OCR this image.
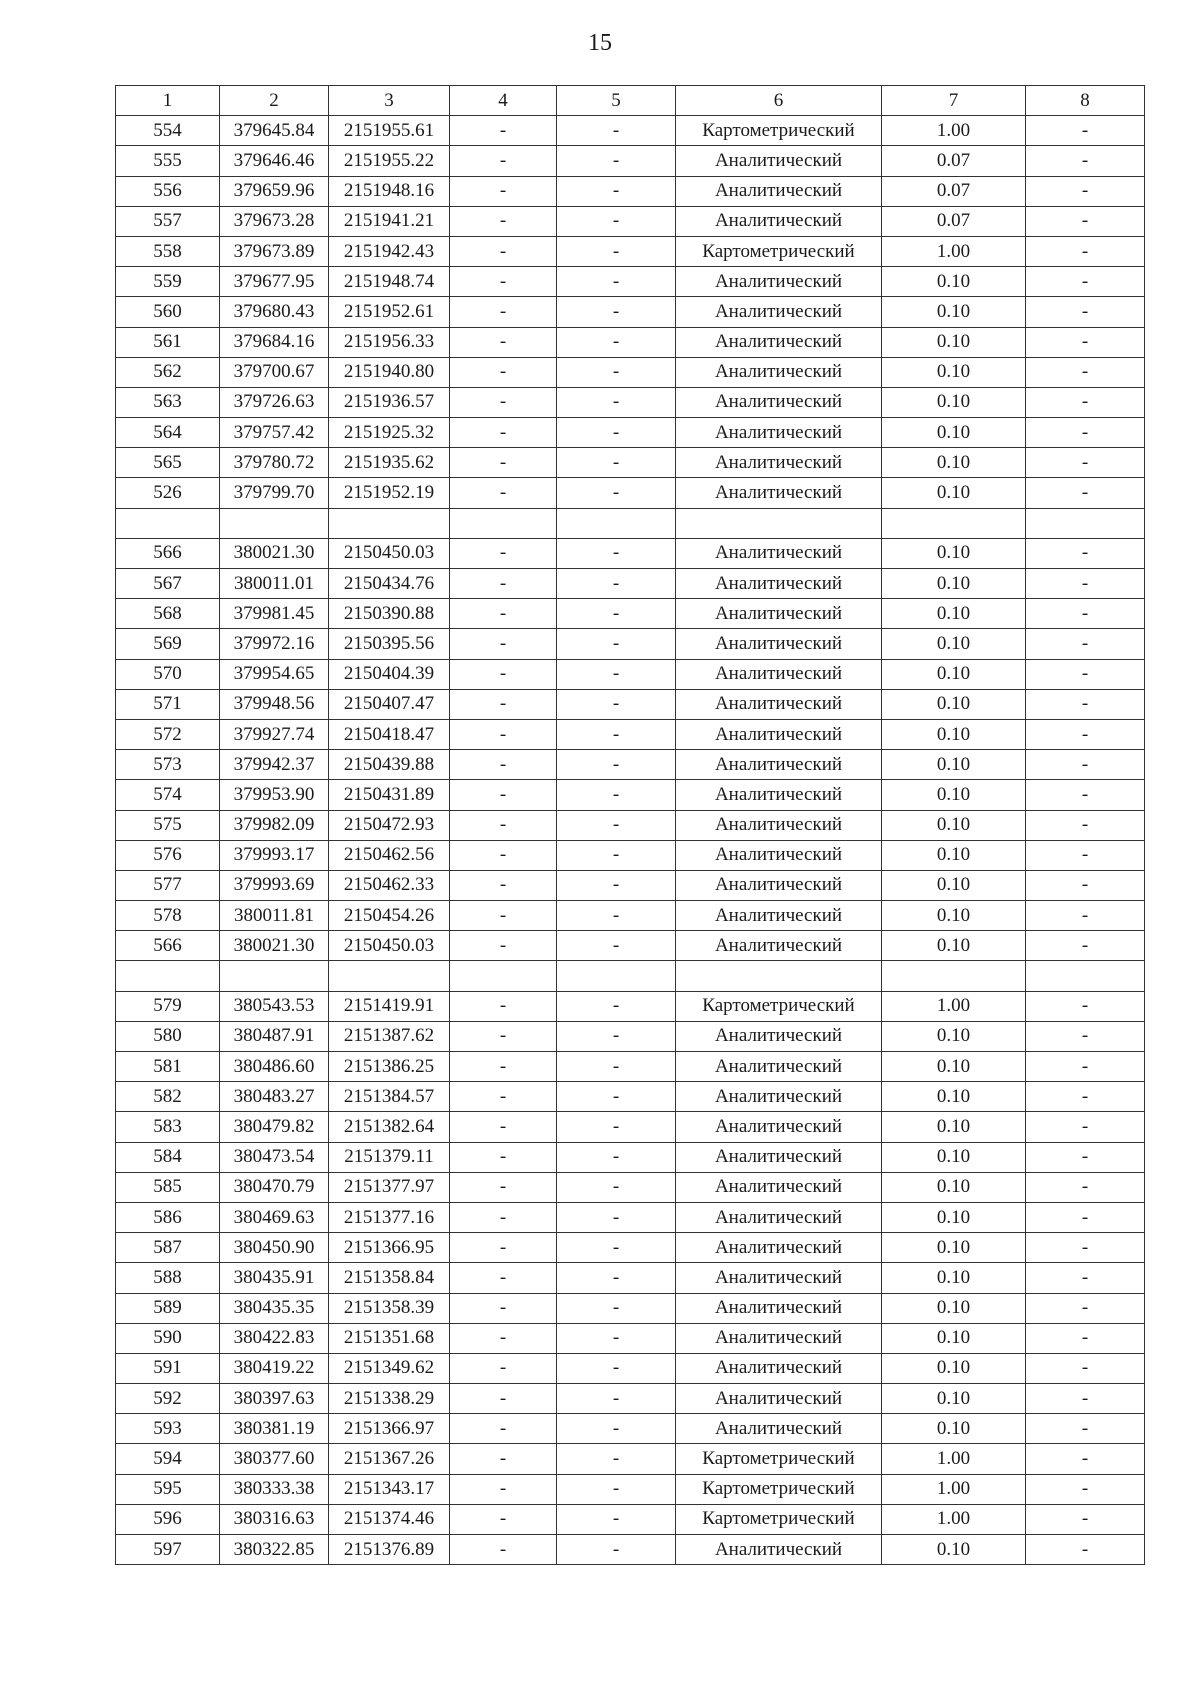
15
1	2	3	4	5	6	7	8
554	379645.84	2151955.61	-	-	Картометрический	1.00	-
555	379646.46	2151955.22	-	-	Аналитический	0.07	-
556	379659.96	2151948.16	-	-	Аналитический	0.07	-
557	379673.28	2151941.21	-	-	Аналитический	0.07	-
558	379673.89	2151942.43	-	-	Картометрический	1.00	-
559	379677.95	2151948.74	-	-	Аналитический	0.10	-
560	379680.43	2151952.61	-	-	Аналитический	0.10	-
561	379684.16	2151956.33	-	-	Аналитический	0.10	-
562	379700.67	2151940.80	-	-	Аналитический	0.10	-
563	379726.63	2151936.57	-	-	Аналитический	0.10	-
564	379757.42	2151925.32	-	-	Аналитический	0.10	-
565	379780.72	2151935.62	-	-	Аналитический	0.10	-
526	379799.70	2151952.19	-	-	Аналитический	0.10	-

566	380021.30	2150450.03	-	-	Аналитический	0.10	-
567	380011.01	2150434.76	-	-	Аналитический	0.10	-
568	379981.45	2150390.88	-	-	Аналитический	0.10	-
569	379972.16	2150395.56	-	-	Аналитический	0.10	-
570	379954.65	2150404.39	-	-	Аналитический	0.10	-
571	379948.56	2150407.47	-	-	Аналитический	0.10	-
572	379927.74	2150418.47	-	-	Аналитический	0.10	-
573	379942.37	2150439.88	-	-	Аналитический	0.10	-
574	379953.90	2150431.89	-	-	Аналитический	0.10	-
575	379982.09	2150472.93	-	-	Аналитический	0.10	-
576	379993.17	2150462.56	-	-	Аналитический	0.10	-
577	379993.69	2150462.33	-	-	Аналитический	0.10	-
578	380011.81	2150454.26	-	-	Аналитический	0.10	-
566	380021.30	2150450.03	-	-	Аналитический	0.10	-

579	380543.53	2151419.91	-	-	Картометрический	1.00	-
580	380487.91	2151387.62	-	-	Аналитический	0.10	-
581	380486.60	2151386.25	-	-	Аналитический	0.10	-
582	380483.27	2151384.57	-	-	Аналитический	0.10	-
583	380479.82	2151382.64	-	-	Аналитический	0.10	-
584	380473.54	2151379.11	-	-	Аналитический	0.10	-
585	380470.79	2151377.97	-	-	Аналитический	0.10	-
586	380469.63	2151377.16	-	-	Аналитический	0.10	-
587	380450.90	2151366.95	-	-	Аналитический	0.10	-
588	380435.91	2151358.84	-	-	Аналитический	0.10	-
589	380435.35	2151358.39	-	-	Аналитический	0.10	-
590	380422.83	2151351.68	-	-	Аналитический	0.10	-
591	380419.22	2151349.62	-	-	Аналитический	0.10	-
592	380397.63	2151338.29	-	-	Аналитический	0.10	-
593	380381.19	2151366.97	-	-	Аналитический	0.10	-
594	380377.60	2151367.26	-	-	Картометрический	1.00	-
595	380333.38	2151343.17	-	-	Картометрический	1.00	-
596	380316.63	2151374.46	-	-	Картометрический	1.00	-
597	380322.85	2151376.89	-	-	Аналитический	0.10	-
